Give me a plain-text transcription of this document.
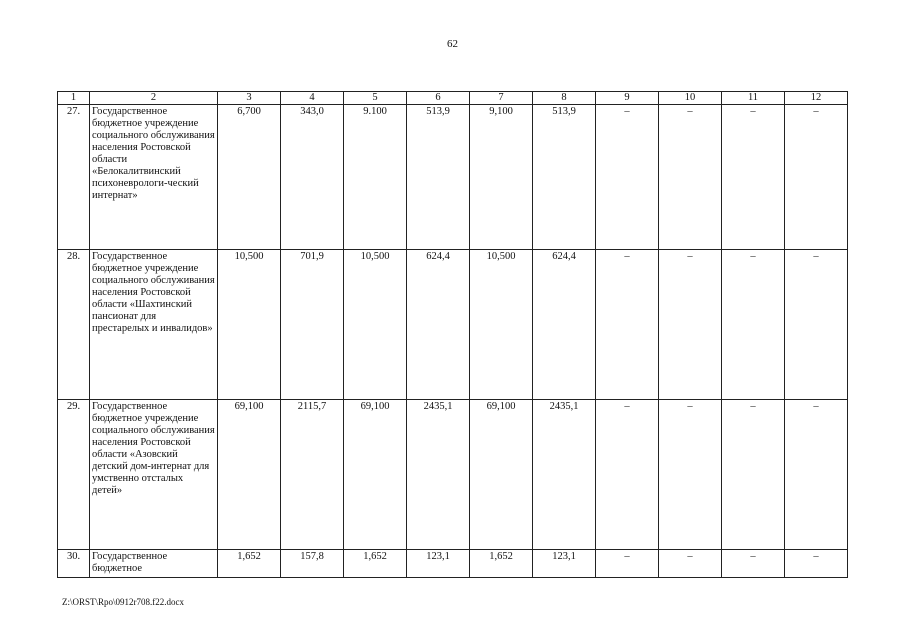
62
1	2	3	4	5	6	7	8	9	10	11	12
27.	Государственное бюджетное учреждение социального обслуживания населения Ростовской области «Белокалитвинский психоневрологи-ческий интернат»	6,700	343,0	9.100	513,9	9,100	513,9	–	–	–	–
28.	Государственное бюджетное учреждение социального обслуживания населения Ростовской области «Шахтинский пансионат для престарелых и инвалидов»	10,500	701,9	10,500	624,4	10,500	624,4	–	–	–	–
29.	Государственное бюджетное учреждение социального обслуживания населения Ростовской области «Азовский детский дом-интернат для умственно отсталых детей»	69,100	2115,7	69,100	2435,1	69,100	2435,1	–	–	–	–
30.	Государственное бюджетное	1,652	157,8	1,652	123,1	1,652	123,1	–	–	–	–
Z:\ORST\Rpo\0912r708.f22.docx
